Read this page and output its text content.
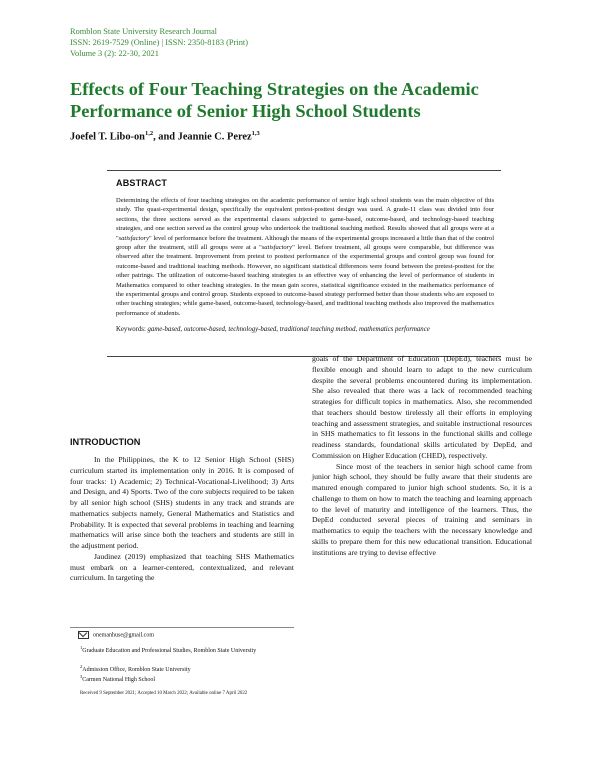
Romblon State University Research Journal
ISSN: 2619-7529 (Online) | ISSN: 2350-8183 (Print)
Volume 3 (2): 22-30, 2021
Effects of Four Teaching Strategies on the Academic Performance of Senior High School Students
Joefel T. Libo-on$^{1,2}$, and Jeannie C. Perez$^{1,3}$
ABSTRACT
Determining the effects of four teaching strategies on the academic performance of senior high school students was the main objective of this study. The quasi-experimental design, specifically the equivalent pretest-posttest design was used. A grade-11 class was divided into four sections, the three sections served as the experimental classes subjected to game-based, outcome-based, and technology-based teaching strategies, and one section served as the control group who undertook the traditional teaching method. Results showed that all groups were at a "satisfactory" level of performance before the treatment. Although the means of the experimental groups increased a little than that of the control group after the treatment, still all groups were at a "satisfactory" level. Before treatment, all groups were comparable, but difference was observed after the treatment. Improvement from pretest to posttest performance of the experimental groups and control group was found for outcome-based and traditional teaching methods. However, no significant statistical differences were found between the pretest-posttest for the other pairings. The utilization of outcome-based teaching strategies is an effective way of enhancing the level of performance of students in Mathematics compared to other teaching strategies. In the mean gain scores, statistical significance existed in the mathematics performance of the experimental groups and control group. Students exposed to outcome-based strategy performed better than those students who are exposed to other teaching strategies; while game-based, outcome-based, technology-based, and traditional teaching methods also improved the mathematics performance of students.
Keywords: game-based, outcome-based, technology-based, traditional teaching method, mathematics performance
INTRODUCTION

In the Philippines, the K to 12 Senior High School (SHS) curriculum started its implementation only in 2016. It is composed of four tracks: 1) Academic; 2) Technical-Vocational-Livelihood; 3) Arts and Design, and 4) Sports. Two of the core subjects required to be taken by all senior high school (SHS) students in any track and strands are mathematics subjects namely, General Mathematics and Statistics and Probability. It is expected that several problems in teaching and learning mathematics will arise since both the teachers and students are still in the adjustment period.

Jaudinez (2019) emphasized that teaching SHS Mathematics must embark on a learner-centered, contextualized, and relevant curriculum. In targeting the

goals of the Department of Education (DepEd), teachers must be flexible enough and should learn to adapt to the new curriculum despite the several problems encountered during its implementation. She also revealed that there was a lack of recommended teaching strategies for difficult topics in mathematics. Also, she recommended that teachers should bestow tirelessly all their efforts in employing teaching and assessment strategies, and suitable instructional resources in SHS mathematics to fit lessons in the functional skills and college readiness standards, foundational skills articulated by DepEd, and Commission on Higher Education (CHED), respectively.

Since most of the teachers in senior high school came from junior high school, they should be fully aware that their students are matured enough compared to junior high school students. So, it is a challenge to them on how to match the teaching and learning approach to the level of maturity and intelligence of the learners. Thus, the DepEd conducted several pieces of training and seminars in mathematics to equip the teachers with the necessary knowledge and skills to prepare them for this new educational transition. Educational institutions are trying to devise effective

onemanhuse@gmail.com
$^1$Graduate Education and Professional Studies, Romblon State University
$^2$Admission Office, Romblon State University
$^3$Carmen National High School
Received 9 September 2021; Accepted 10 March 2022; Available online 7 April 2022
